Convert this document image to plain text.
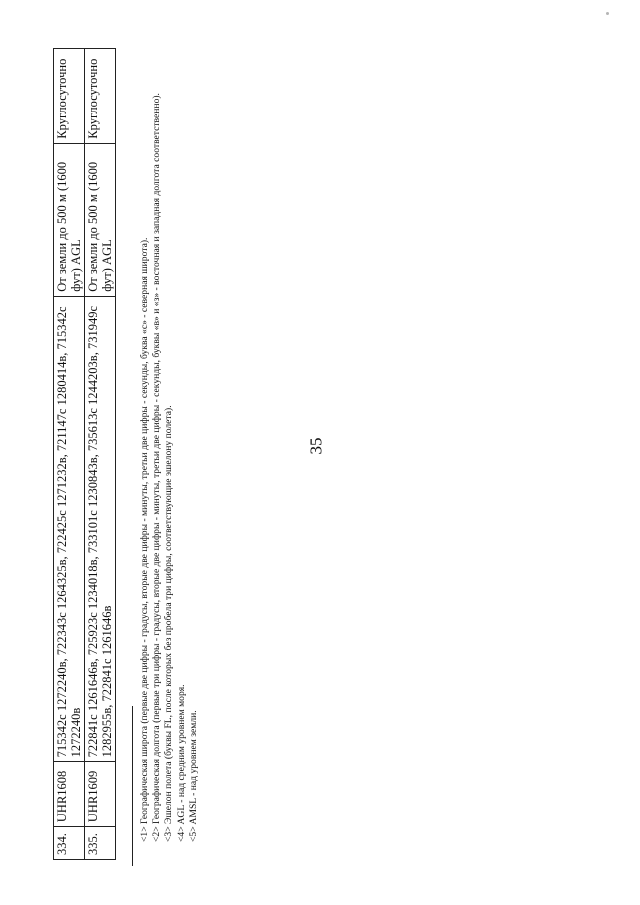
35
334.	UHR1608	715342с 1272240в, 722343с 1264325в, 722425с 1271232в, 721147с 1280414в, 715342с 1272240в	От земли до 500 м (1600 фут) AGL	Круглосуточно
335.	UHR1609	722841с 1261646в, 725923с 1234018в, 733101с 1230843в, 735613с 1244203в, 731949с 1282955в, 722841с 1261646в	От земли до 500 м (1600 фут) AGL	Круглосуточно

<1> Географическая широта (первые две цифры - градусы, вторые две цифры - минуты, третьи две цифры - секунды, буква «с» - северная широта). <2> Географическая долгота (первые три цифры - градусы, вторые две цифры - минуты, третьи две цифры - секунды, буквы «в» и «з» - восточная и западная долгота соответственно). <3> Эшелон полета (буквы FL, после которых без пробела три цифры, соответствующие эшелону полета). <4> AGL - над средним уровнем моря. <5> AMSL - над уровнем земли.
